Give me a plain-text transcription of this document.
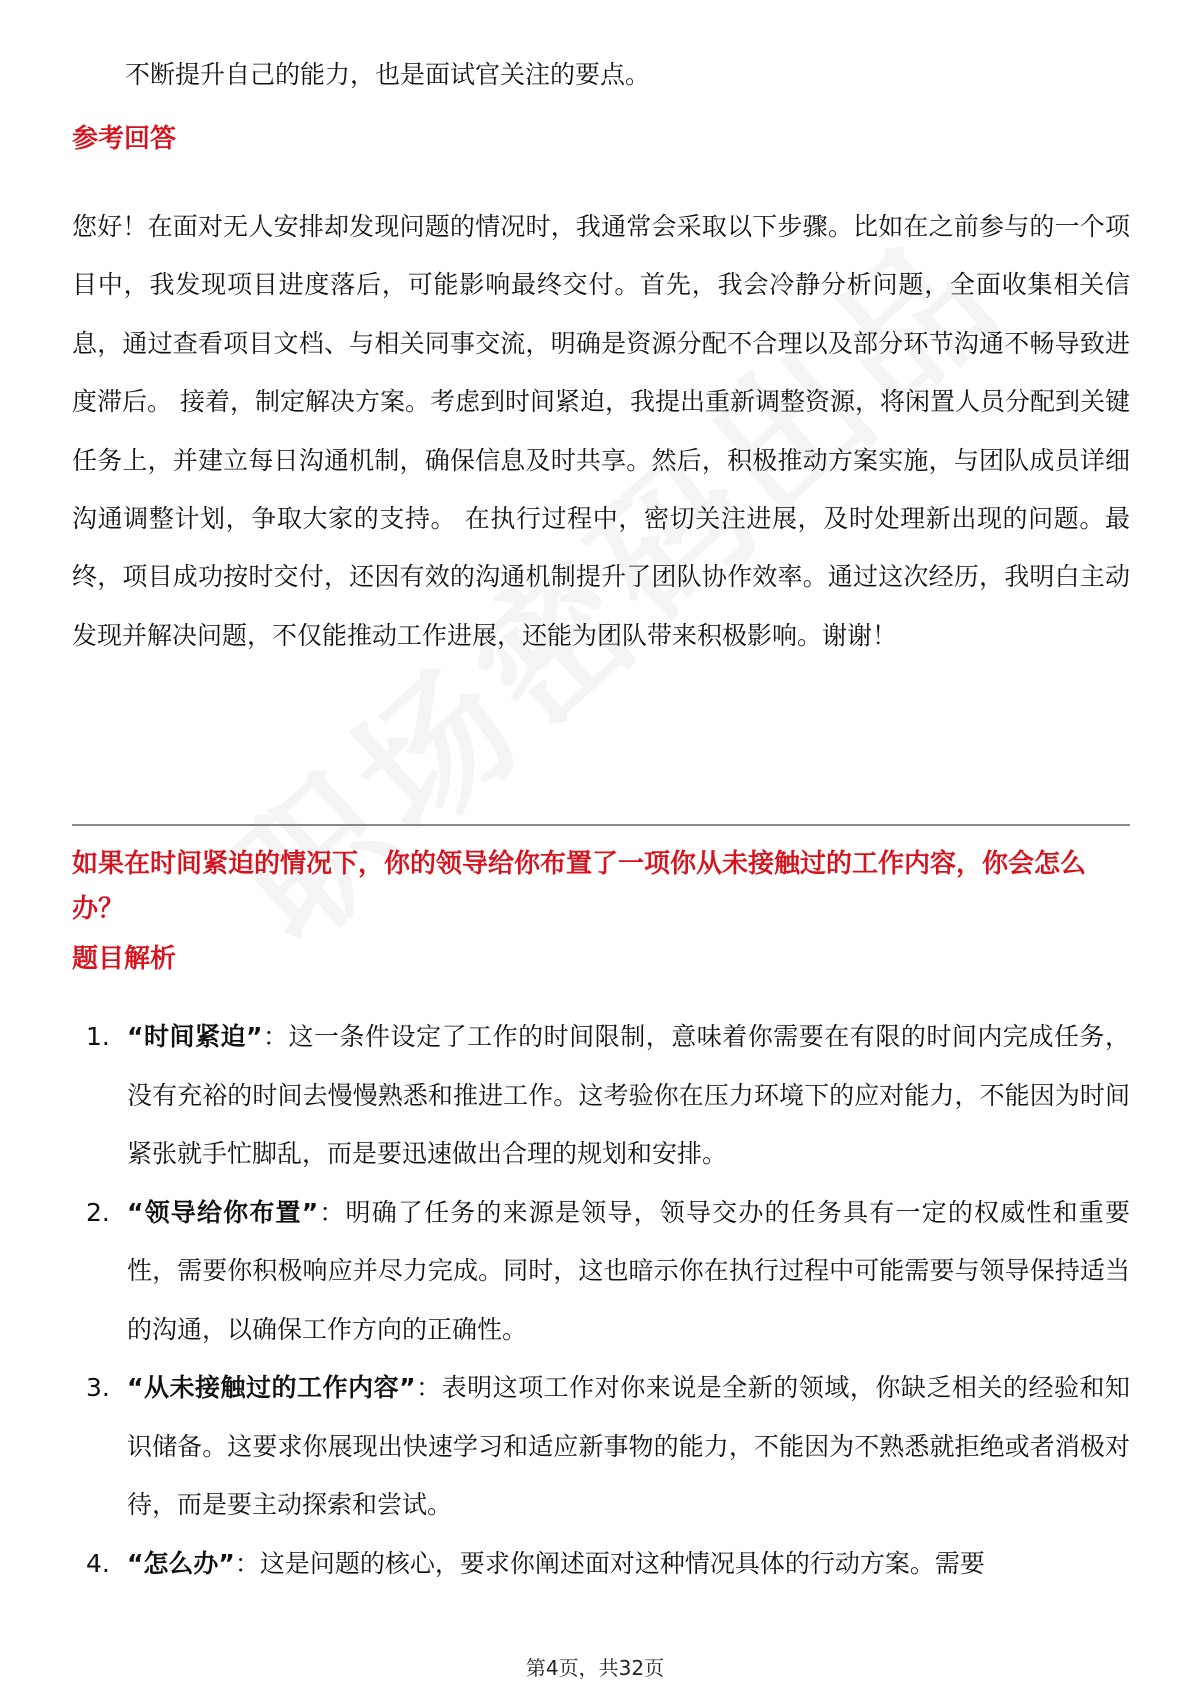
不断提升自己的能力，也是面试官关注的要点。

参考回答

您好！在面对无人安排却发现问题的情况时，我通常会采取以下步骤。比如在之前参与的一个项目中，我发现项目进度落后，可能影响最终交付。首先，我会冷静分析问题，全面收集相关信息，通过查看项目文档、与相关同事交流，明确是资源分配不合理以及部分环节沟通不畅导致进度滞后。 接着，制定解决方案。考虑到时间紧迫，我提出重新调整资源，将闲置人员分配到关键任务上，并建立每日沟通机制，确保信息及时共享。然后，积极推动方案实施，与团队成员详细沟通调整计划，争取大家的支持。 在执行过程中，密切关注进展，及时处理新出现的问题。最终，项目成功按时交付，还因有效的沟通机制提升了团队协作效率。通过这次经历，我明白主动发现并解决问题，不仅能推动工作进展，还能为团队带来积极影响。谢谢！

如果在时间紧迫的情况下，你的领导给你布置了一项你从未接触过的工作内容，你会怎么办？
题目解析
1. “时间紧迫”：这一条件设定了工作的时间限制，意味着你需要在有限的时间内完成任务，没有充裕的时间去慢慢熟悉和推进工作。这考验你在压力环境下的应对能力，不能因为时间紧张就手忙脚乱，而是要迅速做出合理的规划和安排。
2. “领导给你布置”：明确了任务的来源是领导，领导交办的任务具有一定的权威性和重要性，需要你积极响应并尽力完成。同时，这也暗示你在执行过程中可能需要与领导保持适当的沟通，以确保工作方向的正确性。
3. “从未接触过的工作内容”：表明这项工作对你来说是全新的领域，你缺乏相关的经验和知识储备。这要求你展现出快速学习和适应新事物的能力，不能因为不熟悉就拒绝或者消极对待，而是要主动探索和尝试。
4. “怎么办”：这是问题的核心，要求你阐述面对这种情况具体的行动方案。需要
第4页，共32页
